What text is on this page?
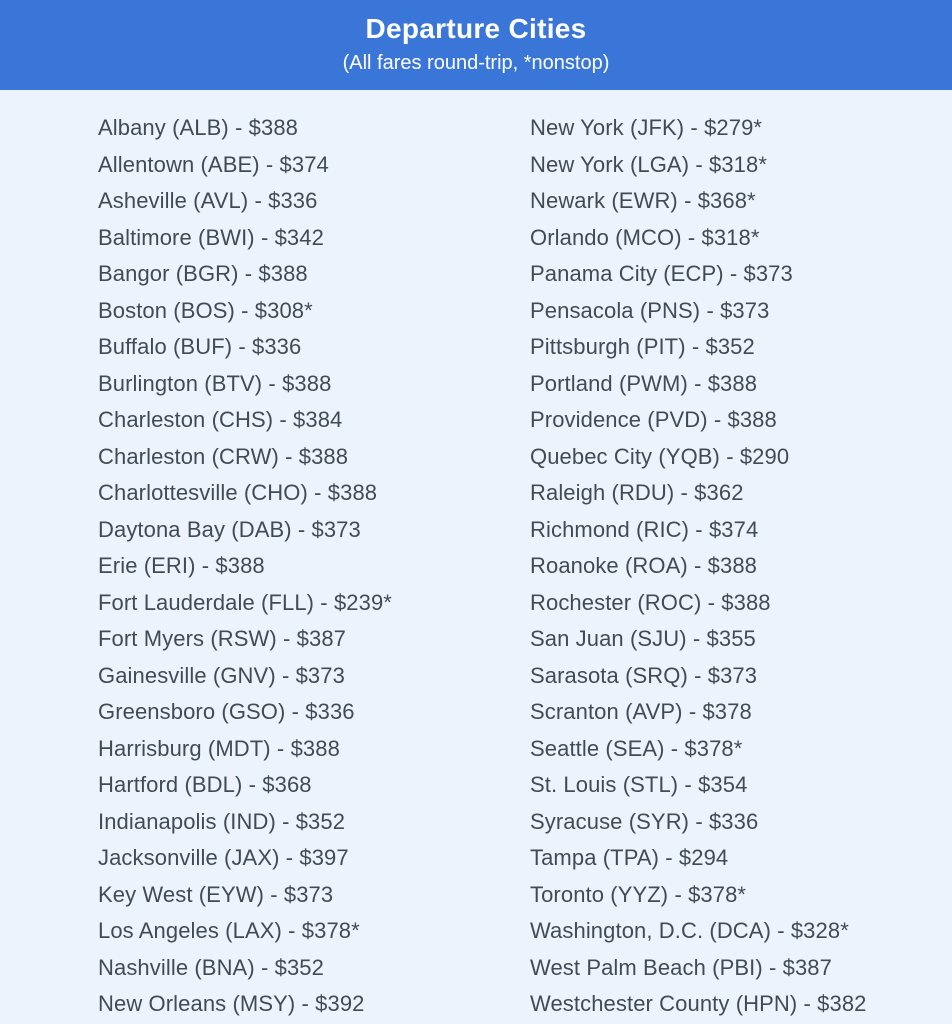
Departure Cities
(All fares round-trip, *nonstop)
Albany (ALB) - $388
Allentown (ABE) - $374
Asheville (AVL) - $336
Baltimore (BWI) - $342
Bangor (BGR) - $388
Boston (BOS) - $308*
Buffalo (BUF) - $336
Burlington (BTV) - $388
Charleston (CHS) - $384
Charleston (CRW) - $388
Charlottesville (CHO) - $388
Daytona Bay (DAB) - $373
Erie (ERI) - $388
Fort Lauderdale (FLL) - $239*
Fort Myers (RSW) - $387
Gainesville (GNV) - $373
Greensboro (GSO) - $336
Harrisburg (MDT) - $388
Hartford (BDL) - $368
Indianapolis (IND) - $352
Jacksonville (JAX) - $397
Key West (EYW) - $373
Los Angeles (LAX) - $378*
Nashville (BNA) - $352
New Orleans (MSY) - $392
New York (JFK) - $279*
New York (LGA) - $318*
Newark (EWR) - $368*
Orlando (MCO) - $318*
Panama City (ECP) - $373
Pensacola (PNS) - $373
Pittsburgh (PIT) - $352
Portland (PWM) - $388
Providence (PVD) - $388
Quebec City (YQB) - $290
Raleigh (RDU) - $362
Richmond (RIC) - $374
Roanoke (ROA) - $388
Rochester (ROC) - $388
San Juan (SJU) - $355
Sarasota (SRQ) - $373
Scranton (AVP) - $378
Seattle (SEA) - $378*
St. Louis (STL) - $354
Syracuse (SYR) - $336
Tampa (TPA) - $294
Toronto (YYZ) - $378*
Washington, D.C. (DCA) - $328*
West Palm Beach (PBI) - $387
Westchester County (HPN) - $382
